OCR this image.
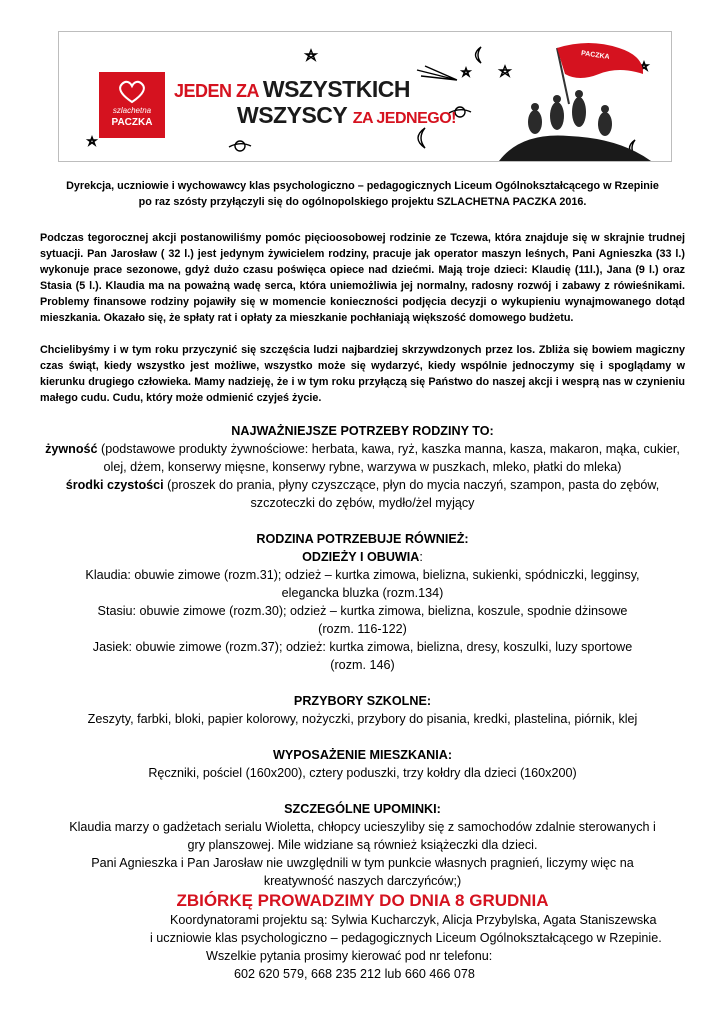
szlachetna
PACZKA
JEDEN ZA WSZYSTKICH
WSZYSCY ZA JEDNEGO!
PACZKA

Dyrekcja, uczniowie i wychowawcy klas psychologiczno – pedagogicznych Liceum Ogólnokształcącego w Rzepinie

po raz szósty przyłączyli się do ogólnopolskiego projektu SZLACHETNA PACZKA 2016.

Podczas tegorocznej akcji postanowiliśmy pomóc pięcioosobowej rodzinie ze Tczewa, która znajduje się w skrajnie trudnej sytuacji. Pan Jarosław ( 32 l.) jest jedynym żywicielem rodziny, pracuje jak operator maszyn leśnych, Pani Agnieszka (33 l.) wykonuje prace sezonowe, gdyż dużo czasu poświęca opiece nad dziećmi. Mają troje dzieci: Klaudię (11l.), Jana (9 l.) oraz Stasia (5 l.). Klaudia ma na poważną wadę serca, która uniemożliwia jej normalny, radosny rozwój i zabawy z rówieśnikami. Problemy finansowe rodziny pojawiły się w momencie konieczności podjęcia decyzji o wykupieniu wynajmowanego dotąd mieszkania. Okazało się, że spłaty rat i opłaty za mieszkanie pochłaniają większość domowego budżetu.

Chcielibyśmy i w tym roku przyczynić się szczęścia ludzi najbardziej skrzywdzonych przez los. Zbliża się bowiem magiczny czas świąt, kiedy wszystko jest możliwe, wszystko może się wydarzyć, kiedy wspólnie jednoczymy się i spoglądamy w kierunku drugiego człowieka. Mamy nadzieję, że i w tym roku przyłączą się Państwo do naszej akcji i wesprą nas w czynieniu małego cudu. Cudu, który może odmienić czyjeś życie.

NAJWAŻNIEJSZE POTRZEBY RODZINY TO:

żywność (podstawowe produkty żywnościowe: herbata, kawa, ryż, kaszka manna, kasza, makaron, mąka, cukier, olej, dżem, konserwy mięsne, konserwy rybne, warzywa w puszkach, mleko, płatki do mleka)

środki czystości (proszek do prania, płyny czyszczące, płyn do mycia naczyń, szampon, pasta do zębów, szczoteczki do zębów, mydło/żel myjący

RODZINA POTRZEBUJE RÓWNIEŻ:

ODZIEŻY I OBUWIA:

Klaudia: obuwie zimowe (rozm.31); odzież – kurtka zimowa, bielizna, sukienki, spódniczki, legginsy, elegancka bluzka (rozm.134)

Stasiu: obuwie zimowe (rozm.30); odzież – kurtka zimowa, bielizna, koszule, spodnie dżinsowe (rozm. 116-122)

Jasiek: obuwie zimowe (rozm.37); odzież: kurtka zimowa, bielizna, dresy, koszulki, luzy sportowe (rozm. 146)

PRZYBORY SZKOLNE:

Zeszyty, farbki, bloki, papier kolorowy, nożyczki, przybory do pisania, kredki, plastelina, piórnik, klej

WYPOSAŻENIE MIESZKANIA:

Ręczniki, pościel (160x200), cztery poduszki, trzy kołdry dla dzieci (160x200)

SZCZEGÓLNE UPOMINKI:

Klaudia marzy o gadżetach serialu Wioletta, chłopcy ucieszyliby się z samochodów zdalnie sterowanych i gry planszowej. Mile widziane są również książeczki dla dzieci.

Pani Agnieszka i Pan Jarosław nie uwzględnili w tym punkcie własnych pragnień, liczymy więc na kreatywność naszych darczyńców;)

ZBIÓRKĘ PROWADZIMY DO DNIA 8 GRUDNIA

Koordynatorami projektu są: Sylwia Kucharczyk, Alicja Przybylska, Agata Staniszewska

i uczniowie klas psychologiczno – pedagogicznych Liceum Ogólnokształcącego w Rzepinie.

Wszelkie pytania prosimy kierować pod nr telefonu:

602 620 579, 668 235 212 lub 660 466 078
